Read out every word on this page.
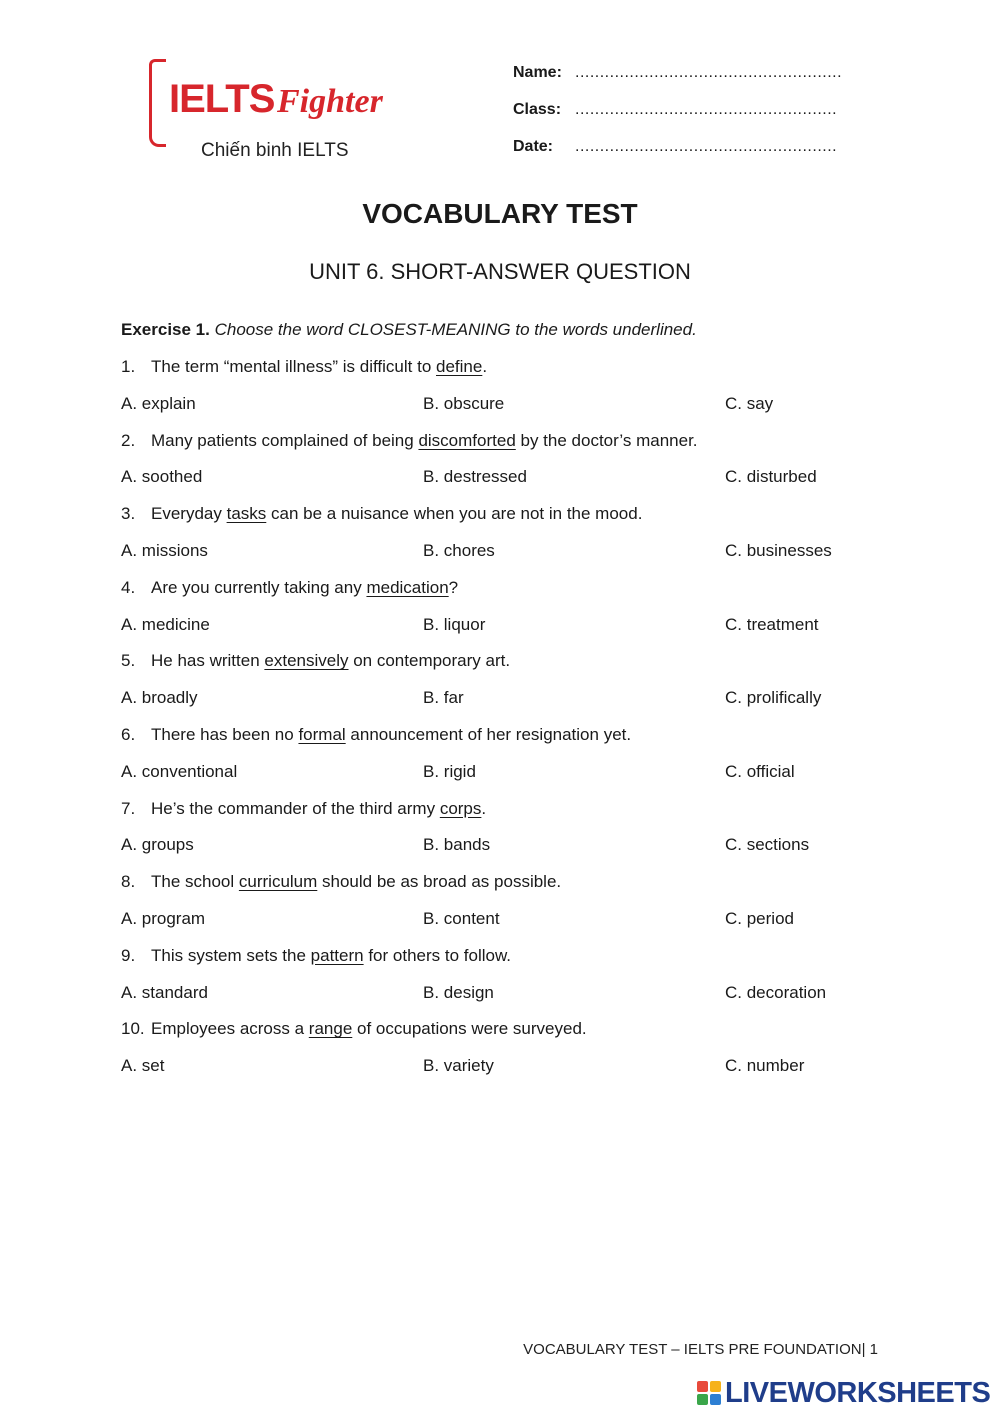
IELTS Fighter
Chiến binh IELTS
Name: ......................................................
Class: .....................................................
Date: .....................................................
VOCABULARY TEST
UNIT 6. SHORT-ANSWER QUESTION
Exercise 1. Choose the word CLOSEST-MEANING to the words underlined.
1. The term “mental illness” is difficult to define.
A. explain	B. obscure	C. say
2. Many patients complained of being discomforted by the doctor’s manner.
A. soothed	B. destressed	C. disturbed
3. Everyday tasks can be a nuisance when you are not in the mood.
A. missions	B. chores	C. businesses
4. Are you currently taking any medication?
A. medicine	B. liquor	C. treatment
5. He has written extensively on contemporary art.
A. broadly	B. far	C. prolifically
6. There has been no formal announcement of her resignation yet.
A. conventional	B. rigid	C. official
7. He’s the commander of the third army corps.
A. groups	B. bands	C. sections
8. The school curriculum should be as broad as possible.
A. program	B. content	C. period
9. This system sets the pattern for others to follow.
A. standard	B. design	C. decoration
10. Employees across a range of occupations were surveyed.
A. set	B. variety	C. number
VOCABULARY TEST – IELTS PRE FOUNDATION| 1
LIVEWORKSHEETS
